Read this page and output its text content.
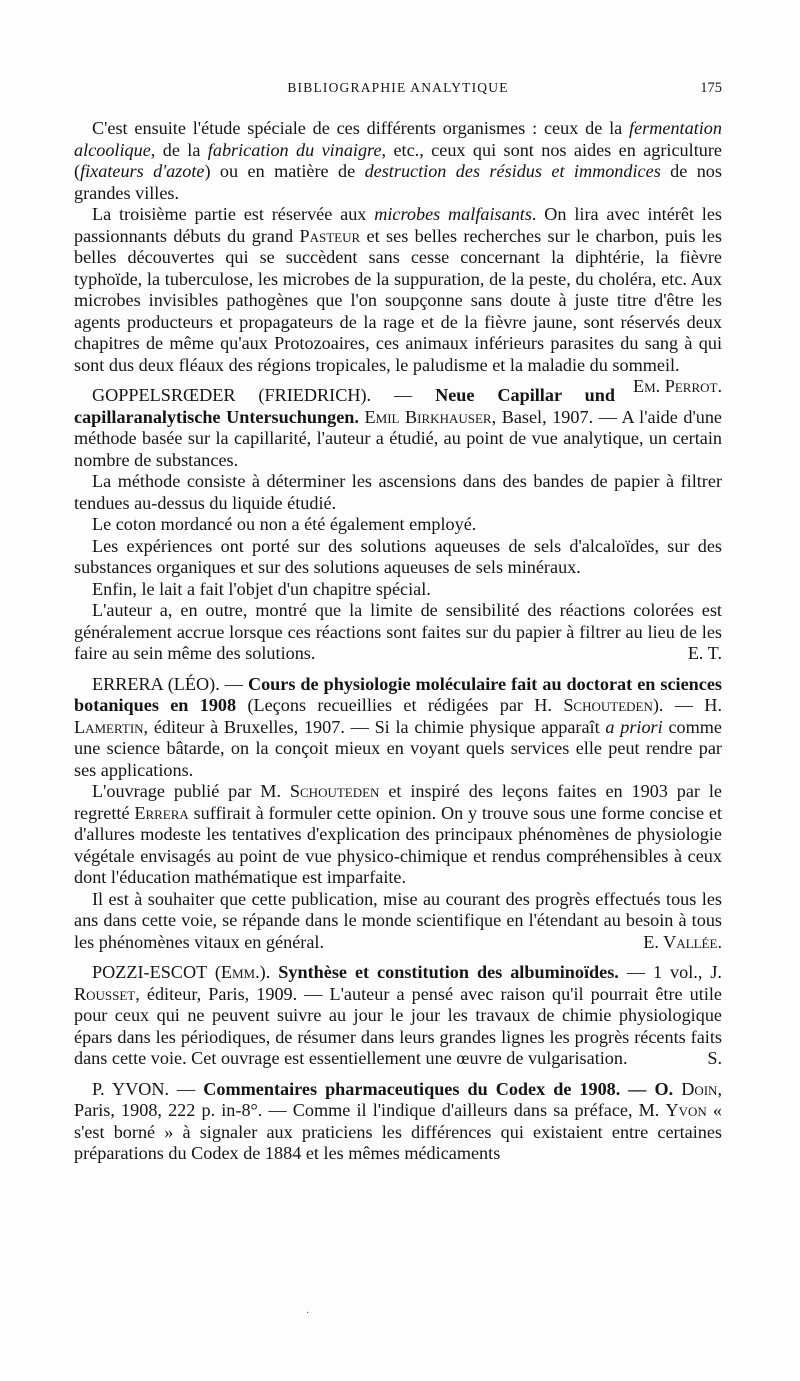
BIBLIOGRAPHIE ANALYTIQUE	175

C'est ensuite l'étude spéciale de ces différents organismes : ceux de la fermentation alcoolique, de la fabrication du vinaigre, etc., ceux qui sont nos aides en agriculture (fixateurs d'azote) ou en matière de destruction des résidus et immondices de nos grandes villes.

La troisième partie est réservée aux microbes malfaisants. On lira avec intérêt les passionnants débuts du grand Pasteur et ses belles recherches sur le charbon, puis les belles découvertes qui se succèdent sans cesse concernant la diphtérie, la fièvre typhoïde, la tuberculose, les microbes de la suppuration, de la peste, du choléra, etc. Aux microbes invisibles pathogènes que l'on soupçonne sans doute à juste titre d'être les agents producteurs et propagateurs de la rage et de la fièvre jaune, sont réservés deux chapitres de même qu'aux Protozoaires, ces animaux inférieurs parasites du sang à qui sont dus deux fléaux des régions tropicales, le paludisme et la maladie du sommeil.
Em. Perrot.

GOPPELSRŒDER (FRIEDRICH). — Neue Capillar und capillaranalytische Untersuchungen. Emil Birkhauser, Basel, 1907. — A l'aide d'une méthode basée sur la capillarité, l'auteur a étudié, au point de vue analytique, un certain nombre de substances.

La méthode consiste à déterminer les ascensions dans des bandes de papier à filtrer tendues au-dessus du liquide étudié.

Le coton mordancé ou non a été également employé.

Les expériences ont porté sur des solutions aqueuses de sels d'alcaloïdes, sur des substances organiques et sur des solutions aqueuses de sels minéraux.

Enfin, le lait a fait l'objet d'un chapitre spécial.

L'auteur a, en outre, montré que la limite de sensibilité des réactions colorées est généralement accrue lorsque ces réactions sont faites sur du papier à filtrer au lieu de les faire au sein même des solutions.	E. T.

ERRERA (LÉO). — Cours de physiologie moléculaire fait au doctorat en sciences botaniques en 1908 (Leçons recueillies et rédigées par H. Schouteden). — H. Lamertin, éditeur à Bruxelles, 1907. — Si la chimie physique apparaît a priori comme une science bâtarde, on la conçoit mieux en voyant quels services elle peut rendre par ses applications.

L'ouvrage publié par M. Schouteden et inspiré des leçons faites en 1903 par le regretté Errera suffirait à formuler cette opinion. On y trouve sous une forme concise et d'allures modeste les tentatives d'explication des principaux phénomènes de physiologie végétale envisagés au point de vue physico-chimique et rendus compréhensibles à ceux dont l'éducation mathématique est imparfaite.

Il est à souhaiter que cette publication, mise au courant des progrès effectués tous les ans dans cette voie, se répande dans le monde scientifique en l'étendant au besoin à tous les phénomènes vitaux en général.	E. Vallée.

POZZI-ESCOT (Emm.). Synthèse et constitution des albuminoïdes. — 1 vol., J. Rousset, éditeur, Paris, 1909. — L'auteur a pensé avec raison qu'il pourrait être utile pour ceux qui ne peuvent suivre au jour le jour les travaux de chimie physiologique épars dans les périodiques, de résumer dans leurs grandes lignes les progrès récents faits dans cette voie. Cet ouvrage est essentiellement une œuvre de vulgarisation.	S.

P. YVON. — Commentaires pharmaceutiques du Codex de 1908. — O. Doin, Paris, 1908, 222 p. in-8°. — Comme il l'indique d'ailleurs dans sa préface, M. Yvon « s'est borné » à signaler aux praticiens les différences qui existaient entre certaines préparations du Codex de 1884 et les mêmes médicaments

·
